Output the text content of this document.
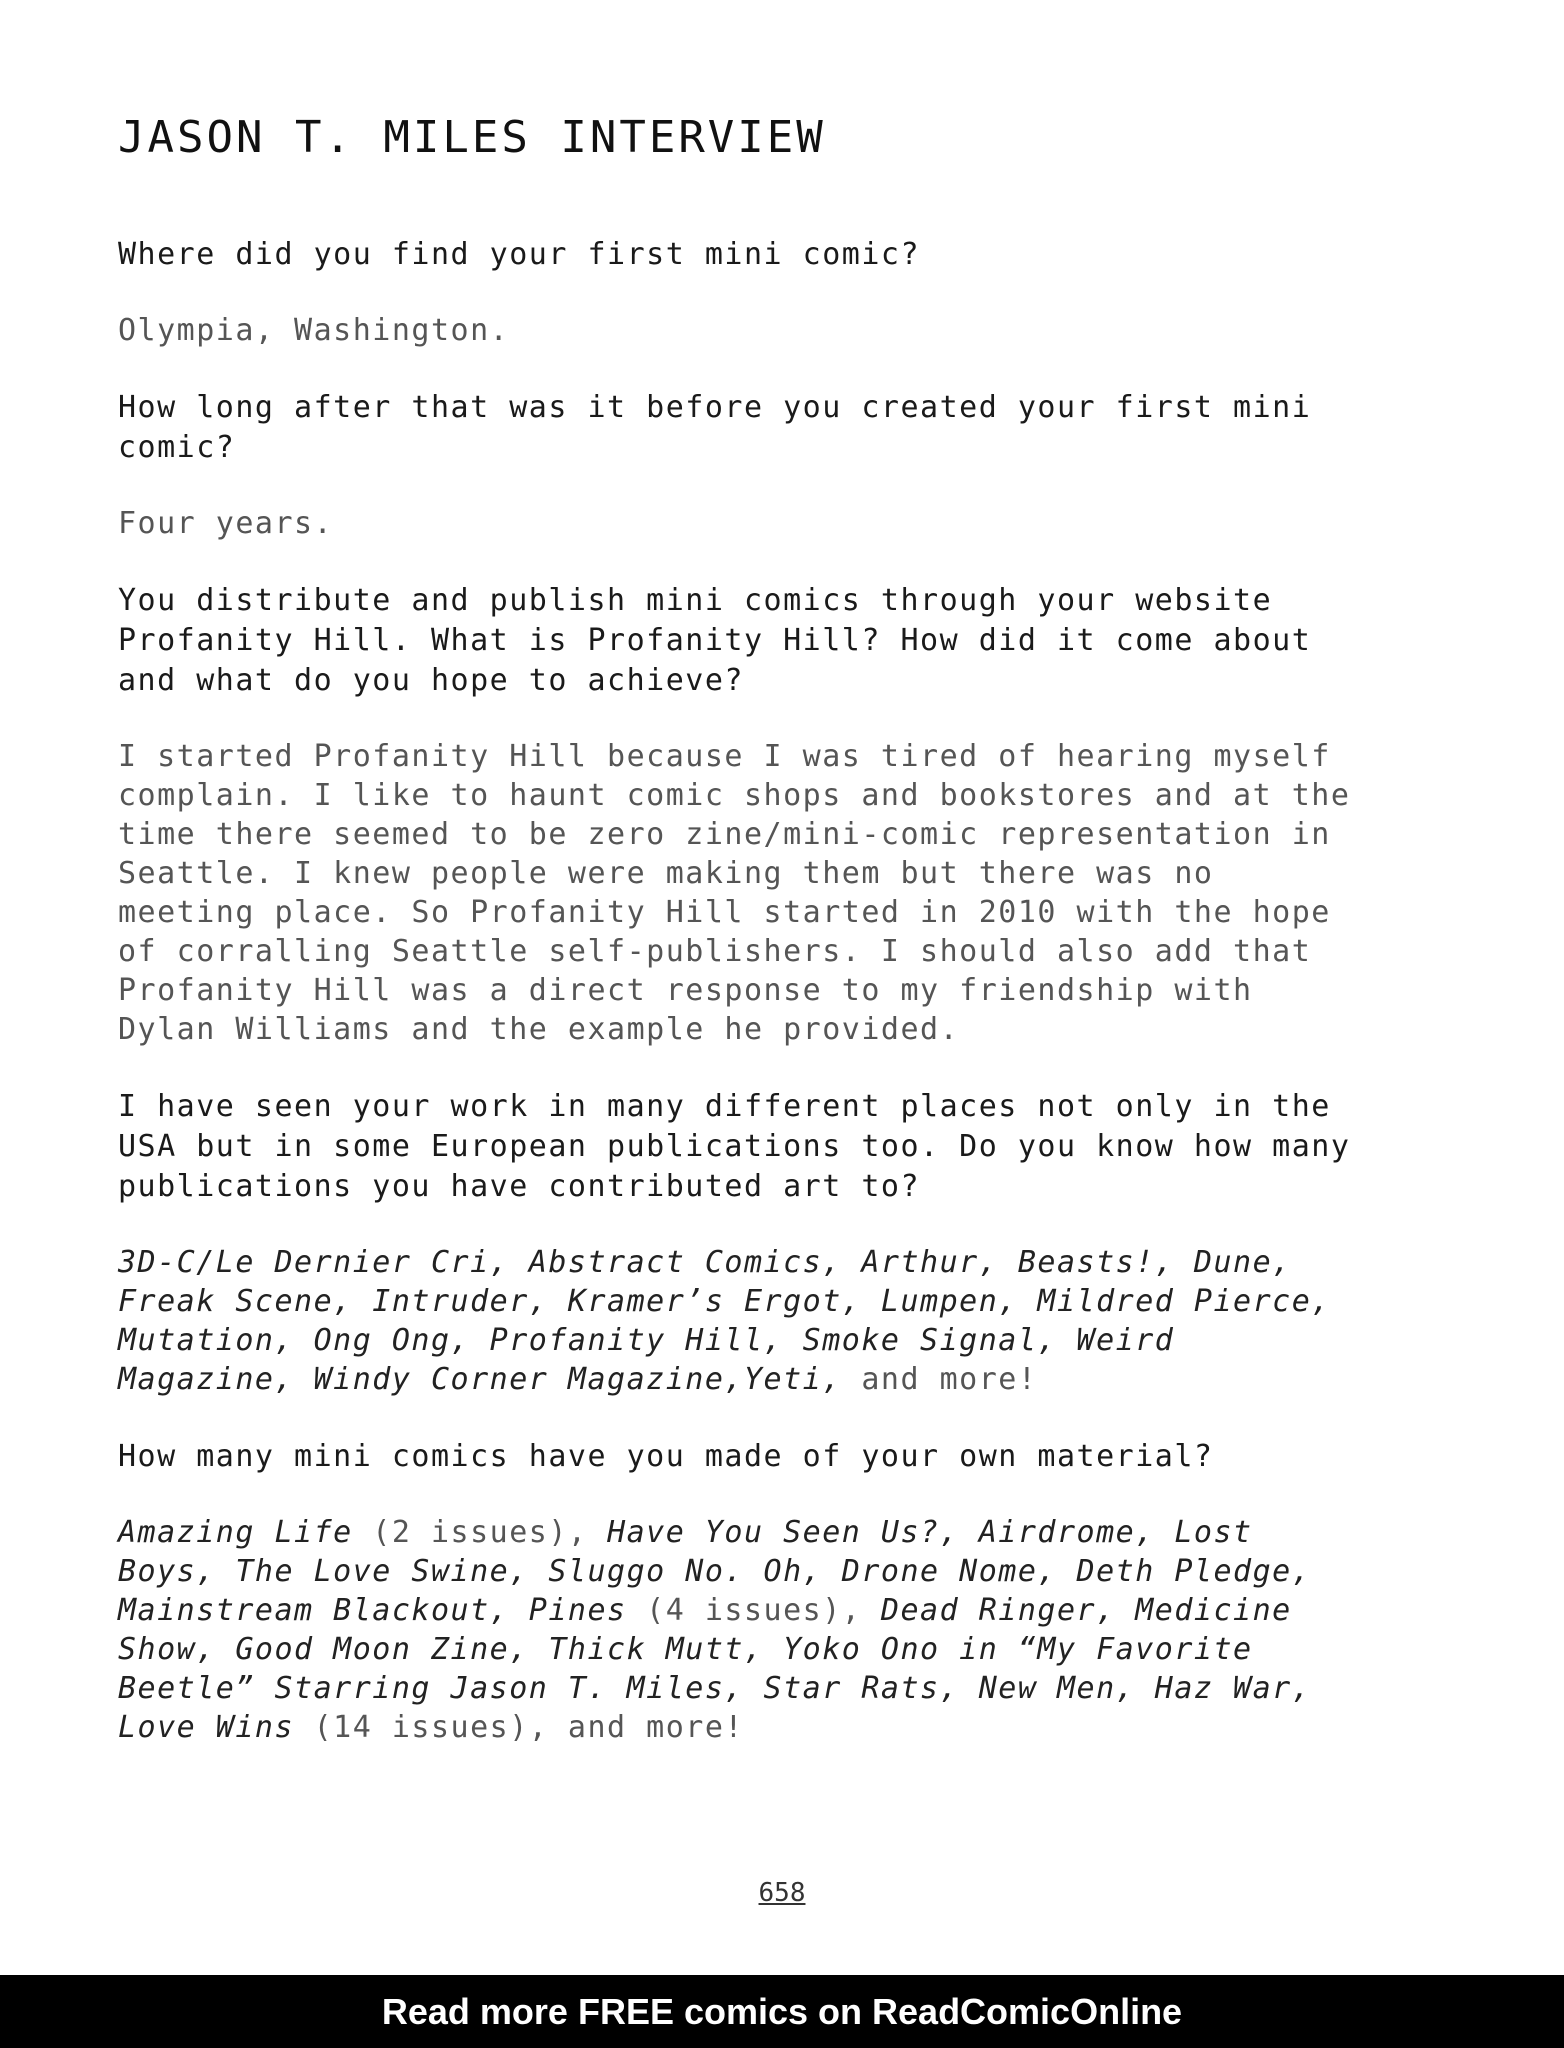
JASON T. MILES INTERVIEW

Where did you find your first mini comic?

Olympia, Washington.

How long after that was it before you created your first mini comic?

Four years.

You distribute and publish mini comics through your website Profanity Hill. What is Profanity Hill? How did it come about and what do you hope to achieve?

I started Profanity Hill because I was tired of hearing myself complain. I like to haunt comic shops and bookstores and at the time there seemed to be zero zine/mini-comic representation in Seattle. I knew people were making them but there was no meeting place. So Profanity Hill started in 2010 with the hope of corralling Seattle self-publishers. I should also add that Profanity Hill was a direct response to my friendship with Dylan Williams and the example he provided.

I have seen your work in many different places not only in the USA but in some European publications too. Do you know how many publications you have contributed art to?

3D-C/Le Dernier Cri, Abstract Comics, Arthur, Beasts!, Dune, Freak Scene, Intruder, Kramer’s Ergot, Lumpen, Mildred Pierce, Mutation, Ong Ong, Profanity Hill, Smoke Signal, Weird Magazine, Windy Corner Magazine,Yeti, and more!

How many mini comics have you made of your own material?

Amazing Life (2 issues), Have You Seen Us?, Airdrome, Lost Boys, The Love Swine, Sluggo No. Oh, Drone Nome, Deth Pledge, Mainstream Blackout, Pines (4 issues), Dead Ringer, Medicine Show, Good Moon Zine, Thick Mutt, Yoko Ono in “My Favorite Beetle” Starring Jason T. Miles, Star Rats, New Men, Haz War, Love Wins (14 issues), and more!

658
Read more FREE comics on ReadComicOnline
